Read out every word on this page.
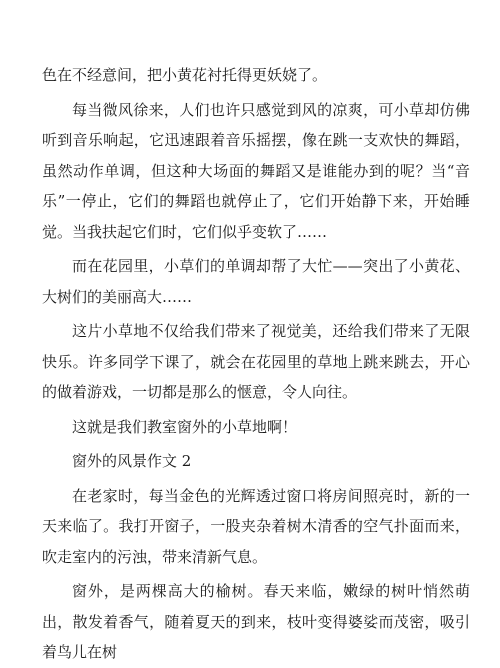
色在不经意间，把小黄花衬托得更妖娆了。

每当微风徐来，人们也许只感觉到风的凉爽，可小草却仿佛听到音乐响起，它迅速跟着音乐摇摆，像在跳一支欢快的舞蹈，虽然动作单调，但这种大场面的舞蹈又是谁能办到的呢？当“音乐”一停止，它们的舞蹈也就停止了，它们开始静下来，开始睡觉。当我扶起它们时，它们似乎变软了……

而在花园里，小草们的单调却帮了大忙——突出了小黄花、大树们的美丽高大……

这片小草地不仅给我们带来了视觉美，还给我们带来了无限快乐。许多同学下课了，就会在花园里的草地上跳来跳去，开心的做着游戏，一切都是那么的惬意，令人向往。

这就是我们教室窗外的小草地啊！

窗外的风景作文 2

在老家时，每当金色的光辉透过窗口将房间照亮时，新的一天来临了。我打开窗子，一股夹杂着树木清香的空气扑面而来，吹走室内的污浊，带来清新气息。

窗外，是两棵高大的榆树。春天来临，嫩绿的树叶悄然萌出，散发着香气，随着夏天的到来，枝叶变得婆娑而茂密，吸引着鸟儿在树
